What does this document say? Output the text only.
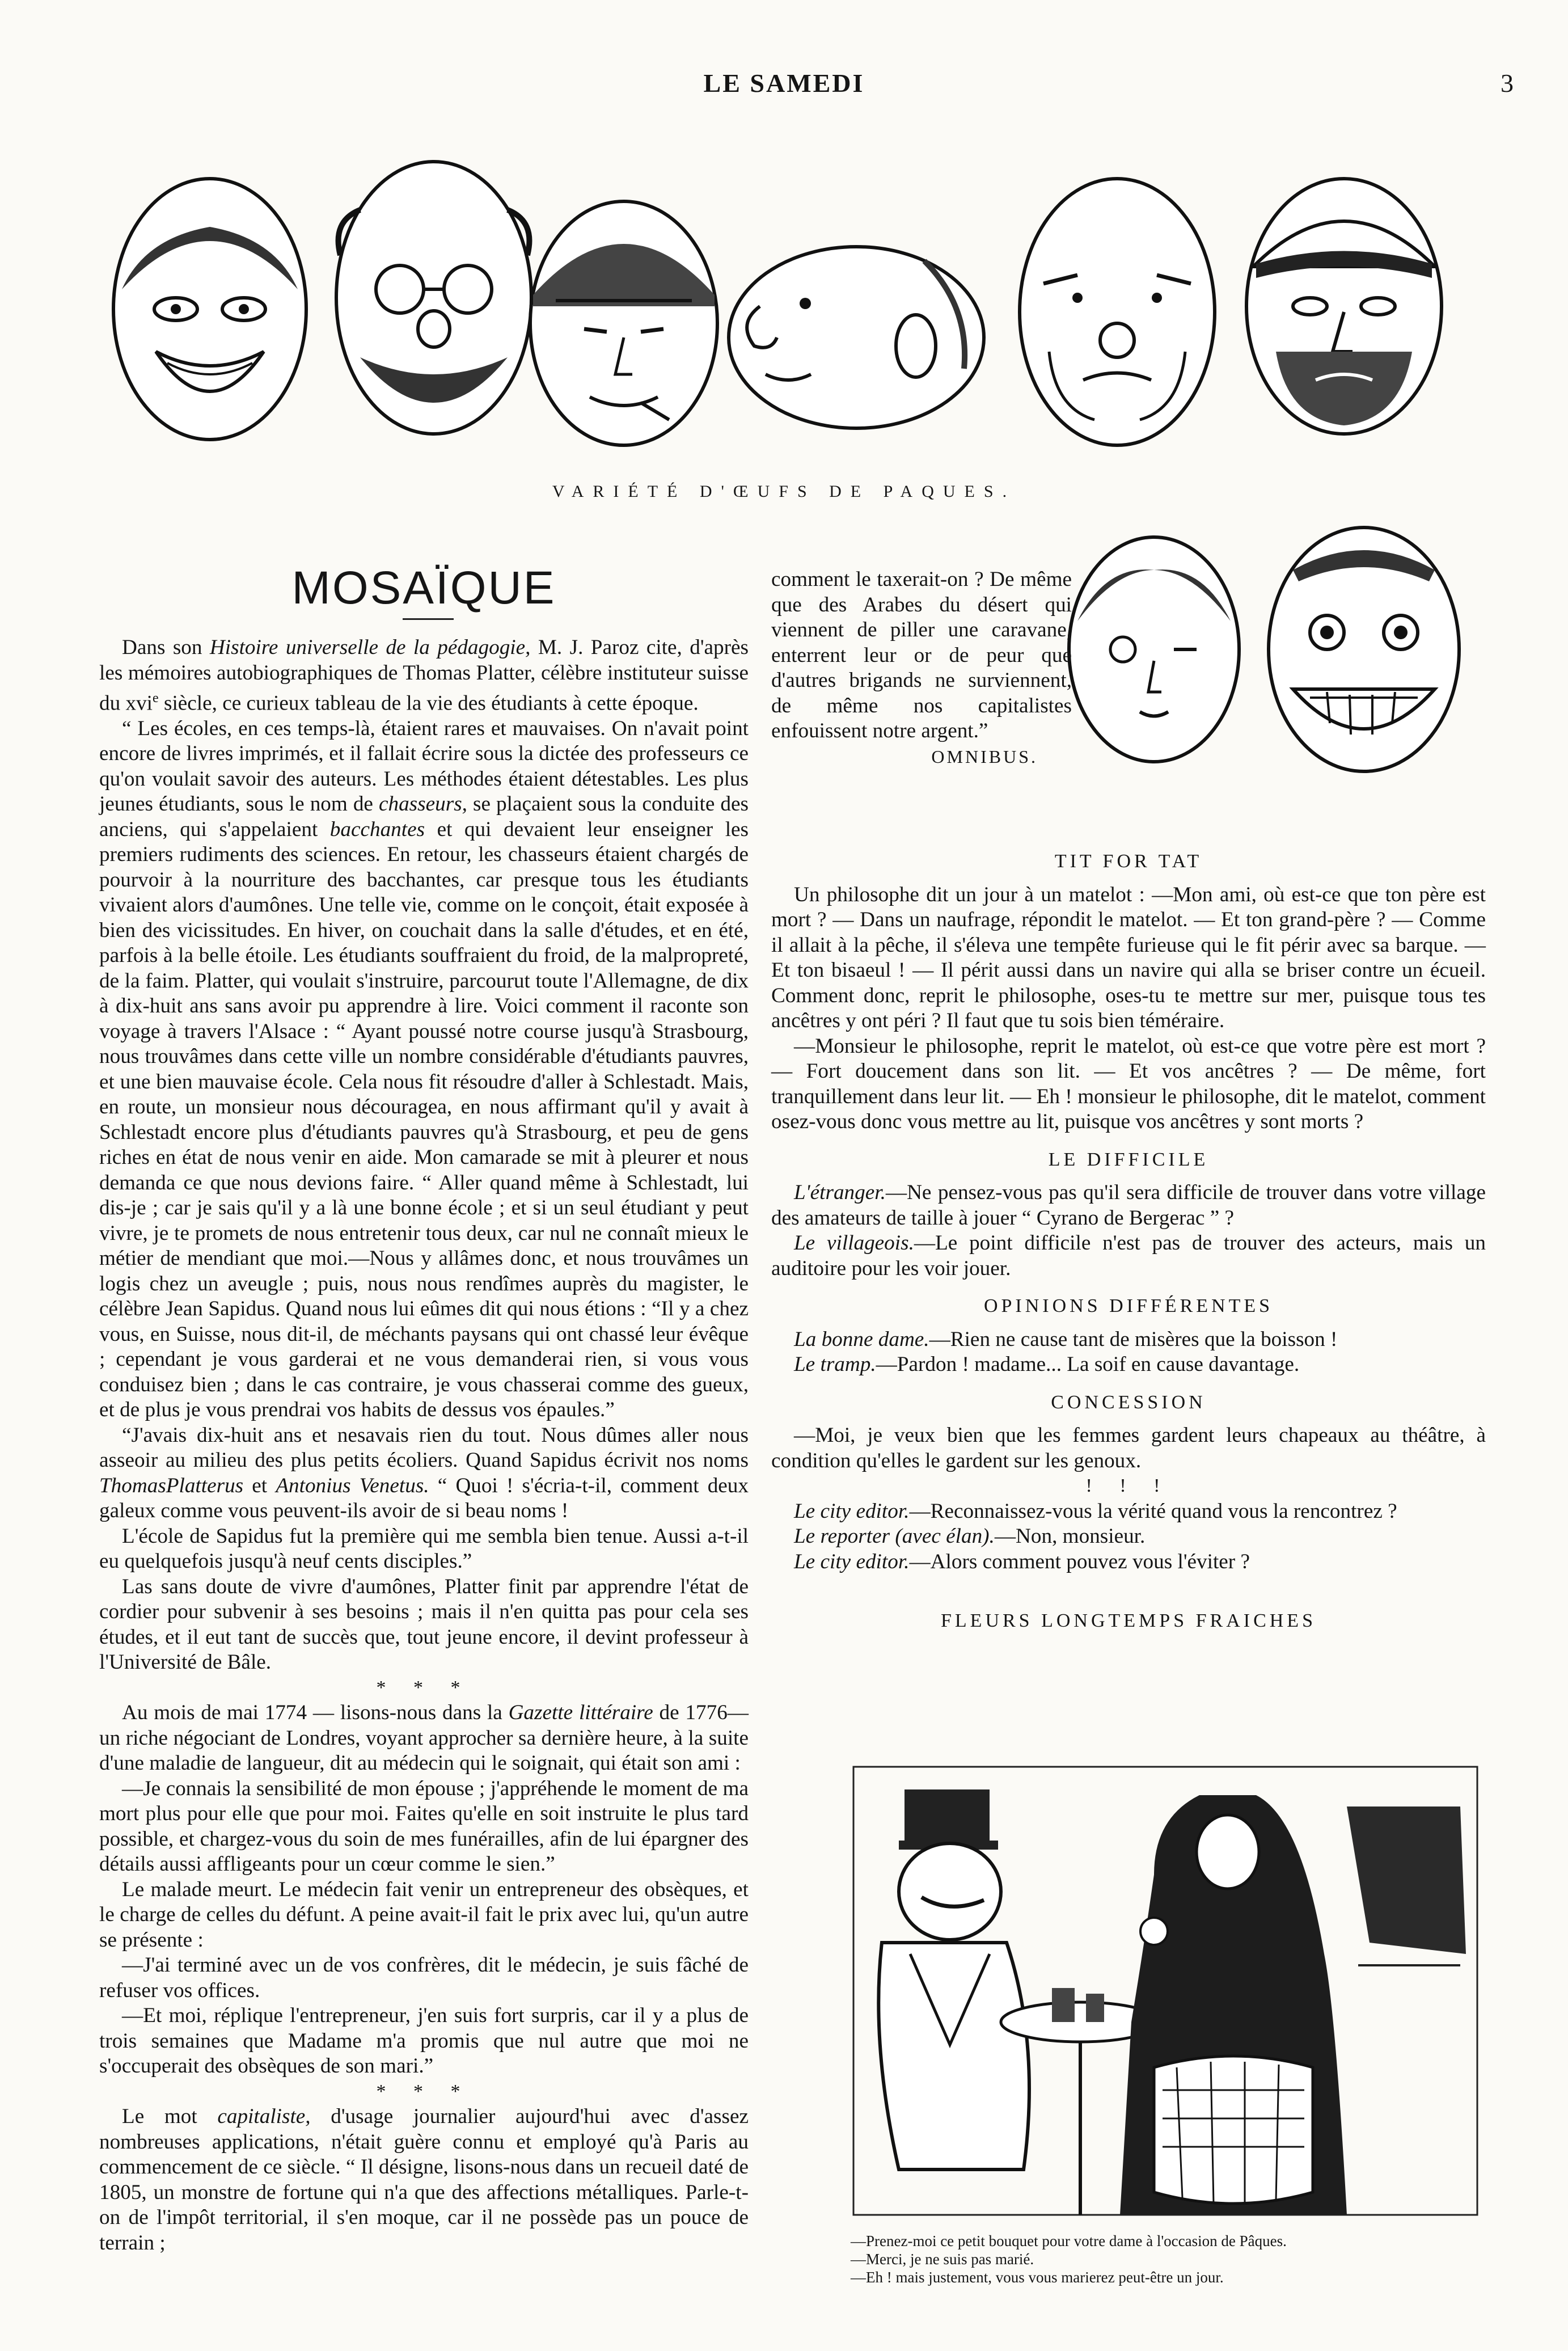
LE SAMEDI	3
VARIÉTÉ D'ŒUFS DE PAQUES.
MOSAÏQUE

Dans son Histoire universelle de la pédagogie, M. J. Paroz cite, d'après les mémoires autobiographiques de Thomas Platter, célèbre instituteur suisse du xvi$^e$ siècle, ce curieux tableau de la vie des étudiants à cette époque.

“ Les écoles, en ces temps-là, étaient rares et mauvaises. On n'avait point encore de livres imprimés, et il fallait écrire sous la dictée des professeurs ce qu'on voulait savoir des auteurs. Les méthodes étaient détestables. Les plus jeunes étudiants, sous le nom de chasseurs, se plaçaient sous la conduite des anciens, qui s'appelaient bacchantes et qui devaient leur enseigner les premiers rudiments des sciences. En retour, les chasseurs étaient chargés de pourvoir à la nourriture des bacchantes, car presque tous les étudiants vivaient alors d'aumônes. Une telle vie, comme on le conçoit, était exposée à bien des vicissitudes. En hiver, on couchait dans la salle d'études, et en été, parfois à la belle étoile. Les étudiants souffraient du froid, de la malpropreté, de la faim. Platter, qui voulait s'instruire, parcourut toute l'Allemagne, de dix à dix-huit ans sans avoir pu apprendre à lire. Voici comment il raconte son voyage à travers l'Alsace : “ Ayant poussé notre course jusqu'à Strasbourg, nous trouvâmes dans cette ville un nombre considérable d'étudiants pauvres, et une bien mauvaise école. Cela nous fit résoudre d'aller à Schlestadt. Mais, en route, un monsieur nous découragea, en nous affirmant qu'il y avait à Schlestadt encore plus d'étudiants pauvres qu'à Strasbourg, et peu de gens riches en état de nous venir en aide. Mon camarade se mit à pleurer et nous demanda ce que nous devions faire. “ Aller quand même à Schlestadt, lui dis-je ; car je sais qu'il y a là une bonne école ; et si un seul étudiant y peut vivre, je te promets de nous entretenir tous deux, car nul ne connaît mieux le métier de mendiant que moi.—Nous y allâmes donc, et nous trouvâmes un logis chez un aveugle ; puis, nous nous rendîmes auprès du magister, le célèbre Jean Sapidus. Quand nous lui eûmes dit qui nous étions : “Il y a chez vous, en Suisse, nous dit-il, de méchants paysans qui ont chassé leur évêque ; cependant je vous garderai et ne vous demanderai rien, si vous vous conduisez bien ; dans le cas contraire, je vous chasserai comme des gueux, et de plus je vous prendrai vos habits de dessus vos épaules.”

“J'avais dix-huit ans et nesavais rien du tout. Nous dûmes aller nous asseoir au milieu des plus petits écoliers. Quand Sapidus écrivit nos noms ThomasPlatterus et Antonius Venetus. “ Quoi ! s'écria-t-il, comment deux galeux comme vous peuvent-ils avoir de si beau noms !

L'école de Sapidus fut la première qui me sembla bien tenue. Aussi a-t-il eu quelquefois jusqu'à neuf cents disciples.”

Las sans doute de vivre d'aumônes, Platter finit par apprendre l'état de cordier pour subvenir à ses besoins ; mais il n'en quitta pas pour cela ses études, et il eut tant de succès que, tout jeune encore, il devint professeur à l'Université de Bâle.

* * *

Au mois de mai 1774 — lisons-nous dans la Gazette littéraire de 1776— un riche négociant de Londres, voyant approcher sa dernière heure, à la suite d'une maladie de langueur, dit au médecin qui le soignait, qui était son ami :

—Je connais la sensibilité de mon épouse ; j'appréhende le moment de ma mort plus pour elle que pour moi. Faites qu'elle en soit instruite le plus tard possible, et chargez-vous du soin de mes funérailles, afin de lui épargner des détails aussi affligeants pour un cœur comme le sien.”

Le malade meurt. Le médecin fait venir un entrepreneur des obsèques, et le charge de celles du défunt. A peine avait-il fait le prix avec lui, qu'un autre se présente :

—J'ai terminé avec un de vos confrères, dit le médecin, je suis fâché de refuser vos offices.

—Et moi, réplique l'entrepreneur, j'en suis fort surpris, car il y a plus de trois semaines que Madame m'a promis que nul autre que moi ne s'occuperait des obsèques de son mari.”

* * *

Le mot capitaliste, d'usage journalier aujourd'hui avec d'assez nombreuses applications, n'était guère connu et employé qu'à Paris au commencement de ce siècle. “ Il désigne, lisons-nous dans un recueil daté de 1805, un monstre de fortune qui n'a que des affections métalliques. Parle-t-on de l'impôt territorial, il s'en moque, car il ne possède pas un pouce de terrain ;

comment le taxerait-on ? De même que des Arabes du désert qui viennent de piller une caravane, enterrent leur or de peur que d'autres brigands ne surviennent, de même nos capitalistes enfouissent notre argent.”

OMNIBUS.
TIT FOR TAT

Un philosophe dit un jour à un matelot : —Mon ami, où est-ce que ton père est mort ? — Dans un naufrage, répondit le matelot. — Et ton grand-père ? — Comme il allait à la pêche, il s'éleva une tempête furieuse qui le fit périr avec sa barque. — Et ton bisaeul ! — Il périt aussi dans un navire qui alla se briser contre un écueil. Comment donc, reprit le philosophe, oses-tu te mettre sur mer, puisque tous tes ancêtres y ont péri ? Il faut que tu sois bien téméraire.

—Monsieur le philosophe, reprit le matelot, où est-ce que votre père est mort ? — Fort doucement dans son lit. — Et vos ancêtres ? — De même, fort tranquillement dans leur lit. — Eh ! monsieur le philosophe, dit le matelot, comment osez-vous donc vous mettre au lit, puisque vos ancêtres y sont morts ?

LE DIFFICILE

L'étranger.—Ne pensez-vous pas qu'il sera difficile de trouver dans votre village des amateurs de taille à jouer “ Cyrano de Bergerac ” ?

Le villageois.—Le point difficile n'est pas de trouver des acteurs, mais un auditoire pour les voir jouer.

OPINIONS DIFFÉRENTES

La bonne dame.—Rien ne cause tant de misères que la boisson !

Le tramp.—Pardon ! madame... La soif en cause davantage.

CONCESSION

—Moi, je veux bien que les femmes gardent leurs chapeaux au théâtre, à condition qu'elles le gardent sur les genoux.

! ! !

Le city editor.—Reconnaissez-vous la vérité quand vous la rencontrez ?

Le reporter (avec élan).—Non, monsieur.

Le city editor.—Alors comment pouvez vous l'éviter ?

FLEURS LONGTEMPS FRAICHES

—Prenez-moi ce petit bouquet pour votre dame à l'occasion de Pâques.

—Merci, je ne suis pas marié.

—Eh ! mais justement, vous vous marierez peut-être un jour.
